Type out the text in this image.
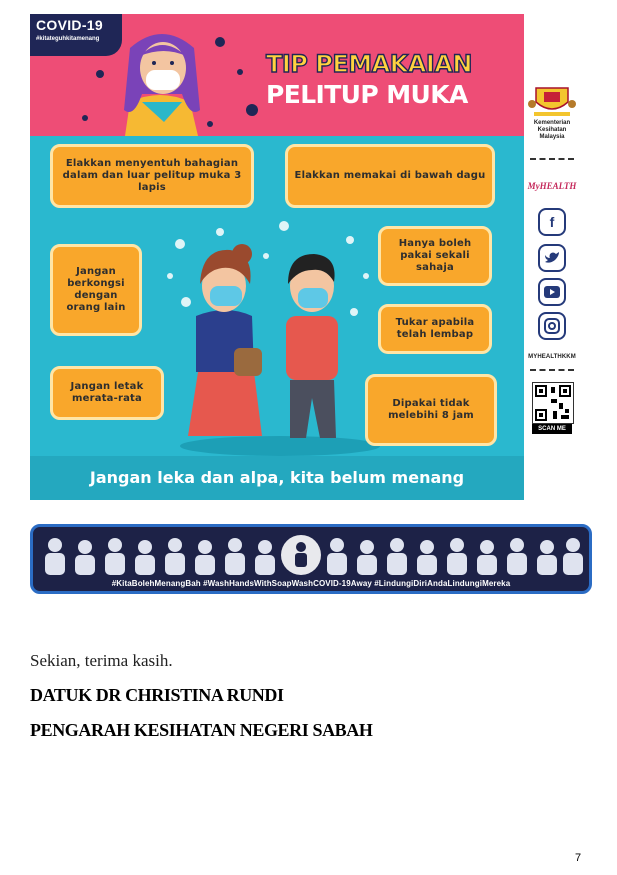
COVID-19
#kitateguhkitamenang
TIP PEMAKAIAN
PELITUP MUKA
Elakkan menyentuh bahagian dalam dan luar pelitup muka 3 lapis
Elakkan memakai di bawah dagu
Hanya boleh pakai sekali sahaja
Jangan berkongsi dengan orang lain
Tukar apabila telah lembap
Jangan letak merata-rata	Dipakai tidak melebihi 8 jam
Jangan leka dan alpa, kita belum menang
Kementerian
Kesihatan
Malaysia
MyHEALTH
f
MYHEALTHKKM
SCAN ME
#KitaBolehMenangBah #WashHandsWithSoapWashCOVID-19Away #LindungiDiriAndaLindungiMereka
Sekian, terima kasih.
DATUK DR CHRISTINA RUNDI
PENGARAH KESIHATAN NEGERI SABAH
7
